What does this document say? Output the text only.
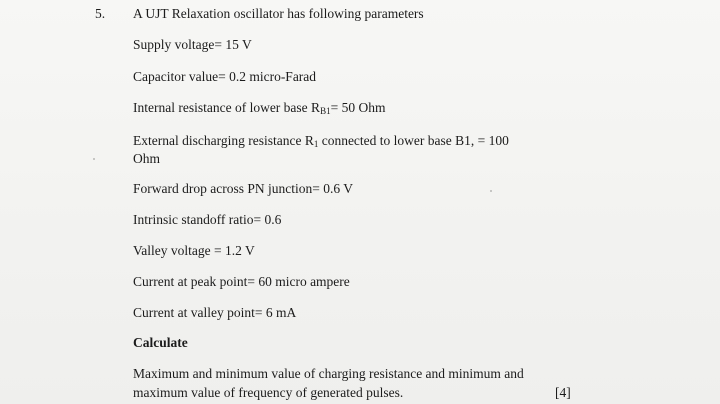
5. A UJT Relaxation oscillator has following parameters
Supply voltage= 15 V
Capacitor value= 0.2 micro-Farad
Internal resistance of lower base $R_{B1}= 50$ Ohm
External discharging resistance $R_1$ connected to lower base B1, = 100
Ohm
Forward drop across PN junction= 0.6 V
Intrinsic standoff ratio= 0.6
Valley voltage = 1.2 V
Current at peak point= 60 micro ampere
Current at valley point= 6 mA
Calculate
Maximum and minimum value of charging resistance and minimum and
maximum value of frequency of generated pulses.	[4]
